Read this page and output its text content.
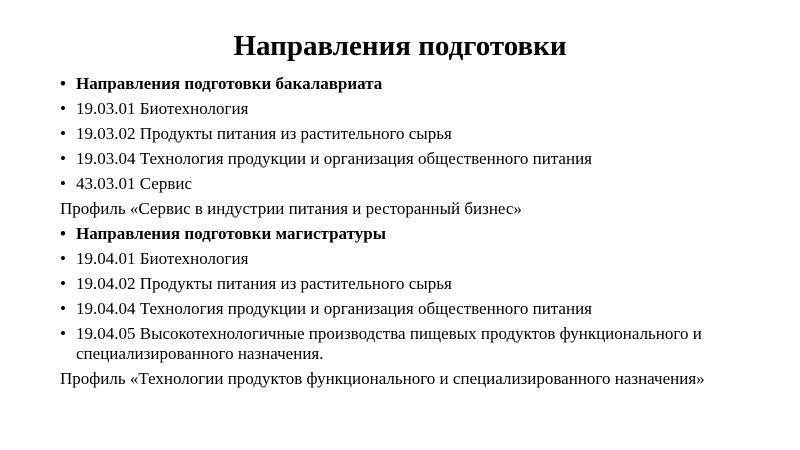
Направления подготовки
• Направления подготовки бакалавриата
• 19.03.01 Биотехнология
• 19.03.02 Продукты питания из растительного сырья
• 19.03.04 Технология продукции и организация общественного питания
• 43.03.01 Сервис
Профиль «Сервис в индустрии питания и ресторанный бизнес»
• Направления подготовки магистратуры
• 19.04.01 Биотехнология
• 19.04.02 Продукты питания из растительного сырья
• 19.04.04 Технология продукции и организация общественного питания
• 19.04.05 Высокотехнологичные производства пищевых продуктов функционального и специализированного назначения.
Профиль «Технологии продуктов функционального и специализированного назначения»
